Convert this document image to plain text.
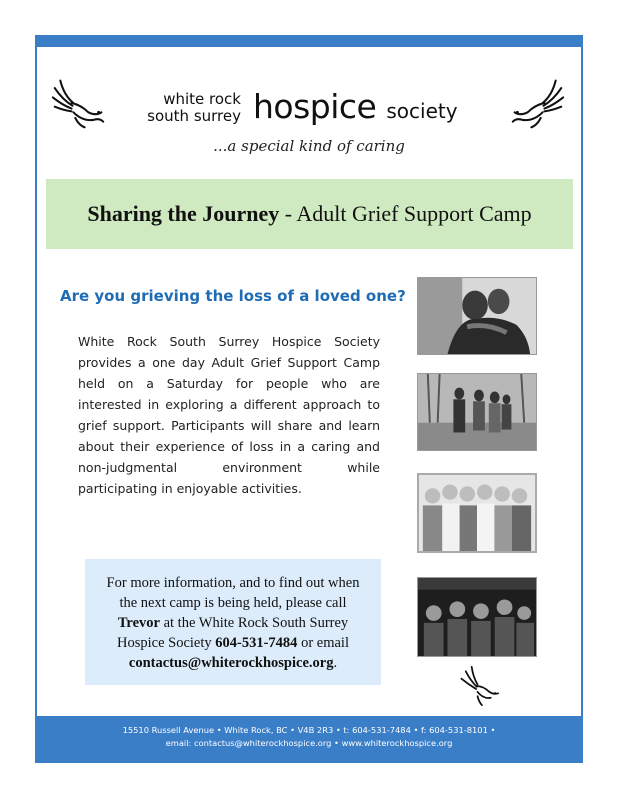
white rock
south surrey hospice society
...a special kind of caring
Sharing the Journey - Adult Grief Support Camp
Are you grieving the loss of a loved one?
White Rock South Surrey Hospice Society provides a one day Adult Grief Support Camp held on a Saturday for people who are interested in exploring a different approach to grief support. Participants will share and learn about their experience of loss in a caring and non-judgmental environment while participating in enjoyable activities.
For more information, and to find out when
the next camp is being held, please call
Trevor at the White Rock South Surrey
Hospice Society 604-531-7484 or email
contactus@whiterockhospice.org.
15510 Russell Avenue • White Rock, BC • V4B 2R3 • t: 604-531-7484 • f: 604-531-8101 •
email: contactus@whiterockhospice.org • www.whiterockhospice.org
